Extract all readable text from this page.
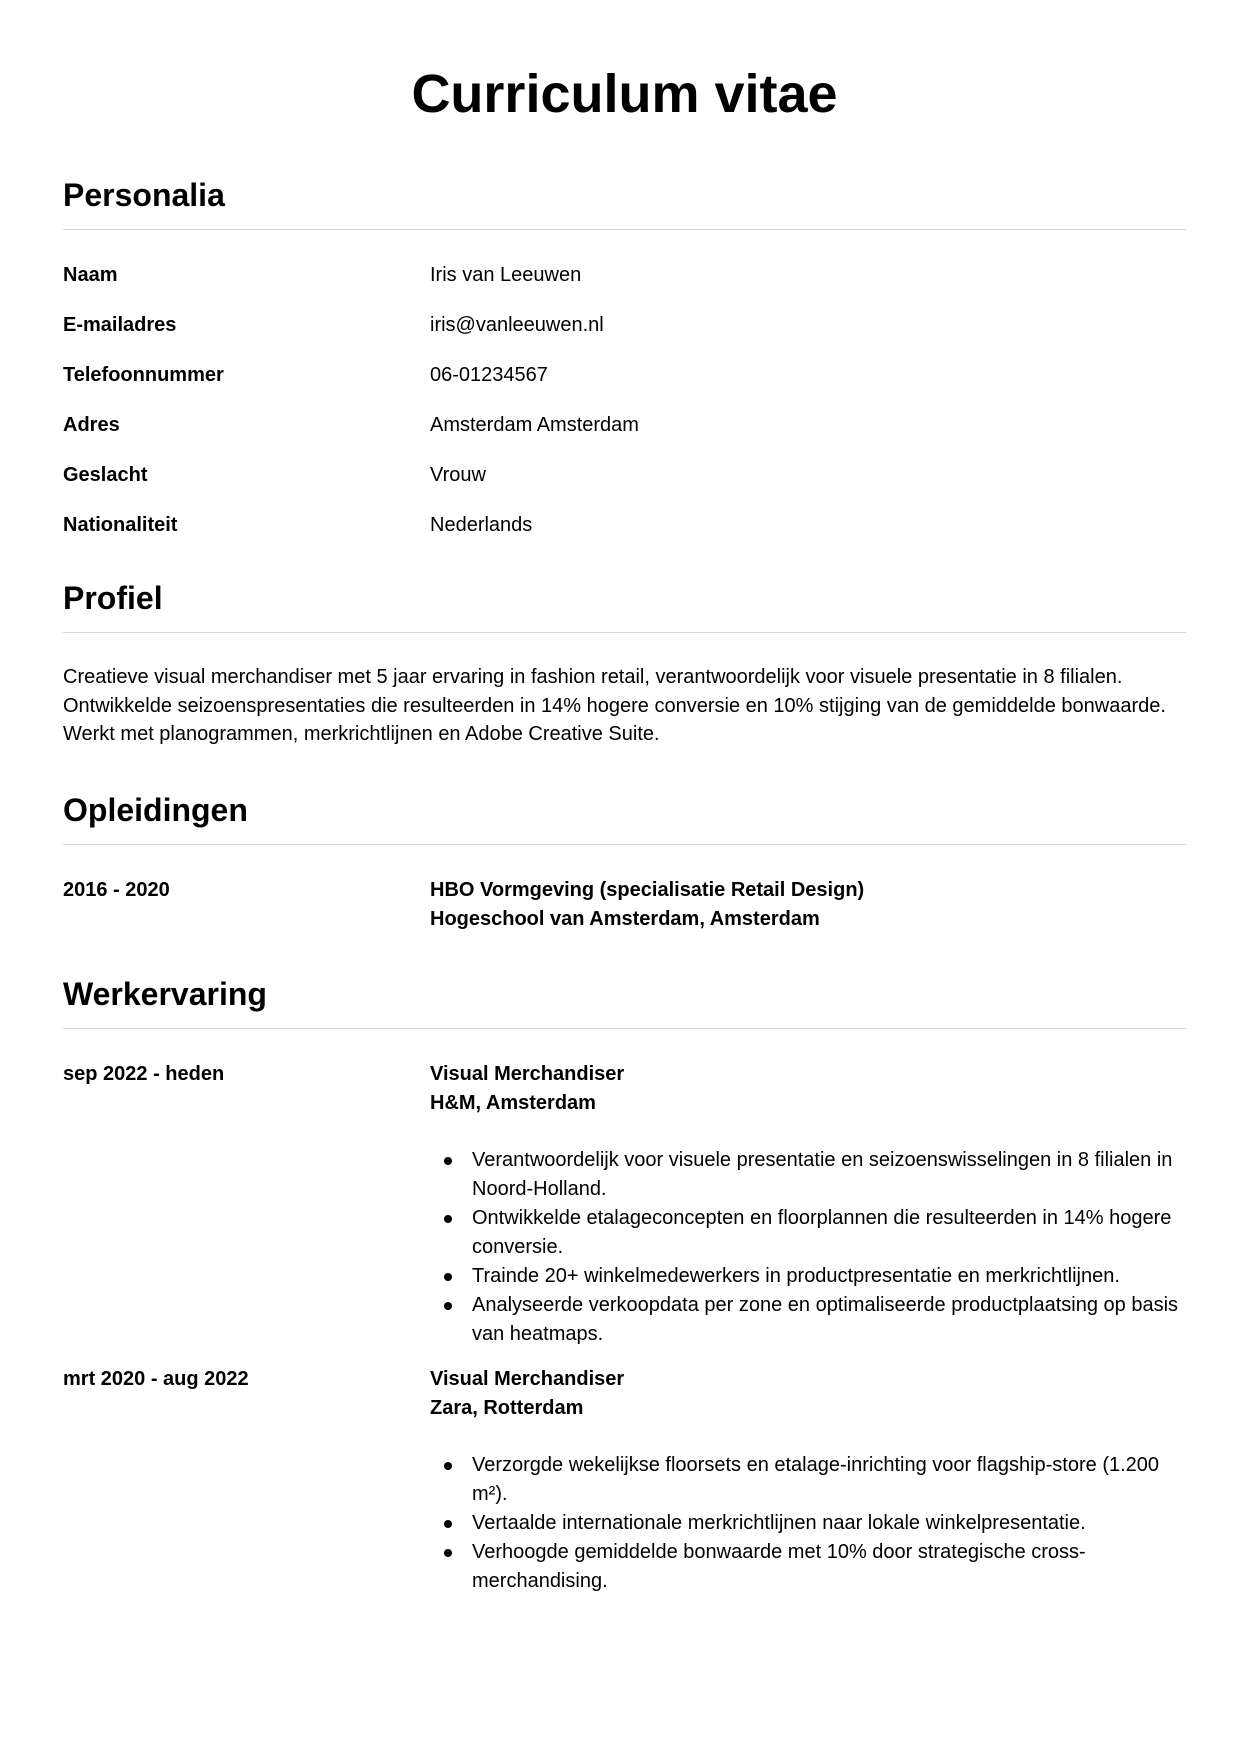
Curriculum vitae
Personalia
Naam	Iris van Leeuwen
E-mailadres	iris@vanleeuwen.nl
Telefoonnummer	06-01234567
Adres	Amsterdam Amsterdam
Geslacht	Vrouw
Nationaliteit	Nederlands
Profiel

Creatieve visual merchandiser met 5 jaar ervaring in fashion retail, verantwoordelijk voor visuele presentatie in 8 filialen. Ontwikkelde seizoenspresentaties die resulteerden in 14% hogere conversie en 10% stijging van de gemiddelde bonwaarde. Werkt met planogrammen, merkrichtlijnen en Adobe Creative Suite.

Opleidingen
2016 - 2020	HBO Vormgeving (specialisatie Retail Design)
Hogeschool van Amsterdam, Amsterdam
Werkervaring
sep 2022 - heden	Visual Merchandiser
H&M, Amsterdam
Verantwoordelijk voor visuele presentatie en seizoenswisselingen in 8 filialen in Noord-Holland.
Ontwikkelde etalageconcepten en floorplannen die resulteerden in 14% hogere conversie.
Trainde 20+ winkelmedewerkers in productpresentatie en merkrichtlijnen.
Analyseerde verkoopdata per zone en optimaliseerde productplaatsing op basis van heatmaps.
mrt 2020 - aug 2022	Visual Merchandiser
Zara, Rotterdam
Verzorgde wekelijkse floorsets en etalage-inrichting voor flagship-store (1.200 m²).
Vertaalde internationale merkrichtlijnen naar lokale winkelpresentatie.
Verhoogde gemiddelde bonwaarde met 10% door strategische cross-merchandising.
